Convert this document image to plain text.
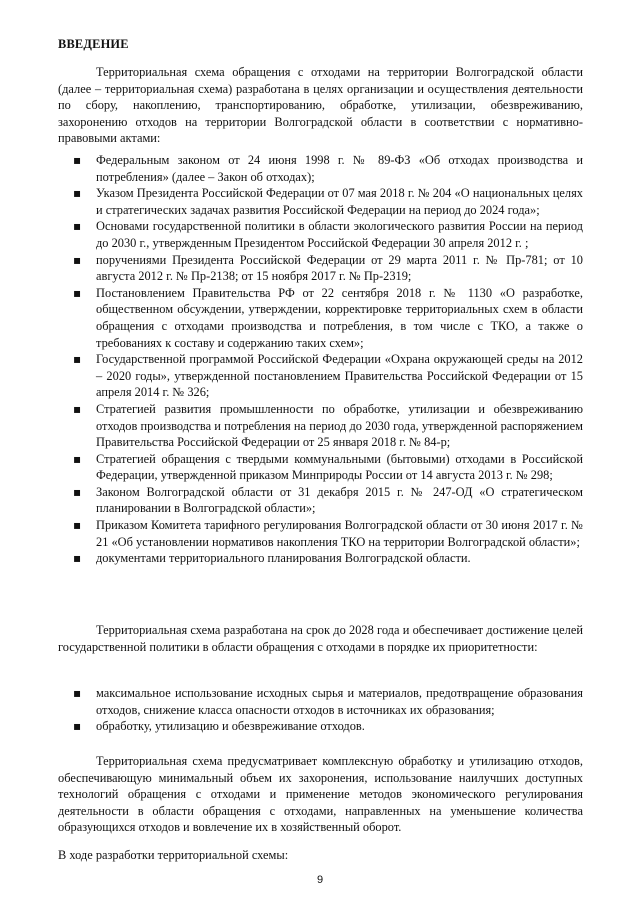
ВВЕДЕНИЕ

Территориальная схема обращения с отходами на территории Волгоградской области (далее – территориальная схема) разработана в целях организации и осуществления деятельности по сбору, накоплению, транспортированию, обработке, утилизации, обезвреживанию, захоронению отходов на территории Волгоградской области в соответствии с нормативно-правовыми актами:

▪ Федеральным законом от 24 июня 1998 г. № 89-ФЗ «Об отходах производства и потребления» (далее – Закон об отходах);
▪ Указом Президента Российской Федерации от 07 мая 2018 г. № 204 «О национальных целях и стратегических задачах развития Российской Федерации на период до 2024 года»;
▪ Основами государственной политики в области экологического развития России на период до 2030 г., утвержденным Президентом Российской Федерации 30 апреля 2012 г. ;
▪ поручениями Президента Российской Федерации от 29 марта 2011 г. № Пр-781; от 10 августа 2012 г. № Пр-2138; от 15 ноября 2017 г. № Пр-2319;
▪ Постановлением Правительства РФ от 22 сентября 2018 г. № 1130 «О разработке, общественном обсуждении, утверждении, корректировке территориальных схем в области обращения с отходами производства и потребления, в том числе с ТКО, а также о требованиях к составу и содержанию таких схем»;
▪ Государственной программой Российской Федерации «Охрана окружающей среды на 2012 – 2020 годы», утвержденной постановлением Правительства Российской Федерации от 15 апреля 2014 г. № 326;
▪ Стратегией развития промышленности по обработке, утилизации и обезвреживанию отходов производства и потребления на период до 2030 года, утвержденной распоряжением Правительства Российской Федерации от 25 января 2018 г. № 84-р;
▪ Стратегией обращения с твердыми коммунальными (бытовыми) отходами в Российской Федерации, утвержденной приказом Минприроды России от 14 августа 2013 г. № 298;
▪ Законом Волгоградской области от 31 декабря 2015 г. № 247-ОД «О стратегическом планировании в Волгоградской области»;
▪ Приказом Комитета тарифного регулирования Волгоградской области от 30 июня 2017 г. № 21 «Об установлении нормативов накопления ТКО на территории Волгоградской области»;
▪ документами территориального планирования Волгоградской области.

Территориальная схема разработана на срок до 2028 года и обеспечивает достижение целей государственной политики в области обращения с отходами в порядке их приоритетности:

▪ максимальное использование исходных сырья и материалов, предотвращение образования отходов, снижение класса опасности отходов в источниках их образования;
▪ обработку, утилизацию и обезвреживание отходов.

Территориальная схема предусматривает комплексную обработку и утилизацию отходов, обеспечивающую минимальный объем их захоронения, использование наилучших доступных технологий обращения с отходами и применение методов экономического регулирования деятельности в области обращения с отходами, направленных на уменьшение количества образующихся отходов и вовлечение их в хозяйственный оборот.

В ходе разработки территориальной схемы:

9
